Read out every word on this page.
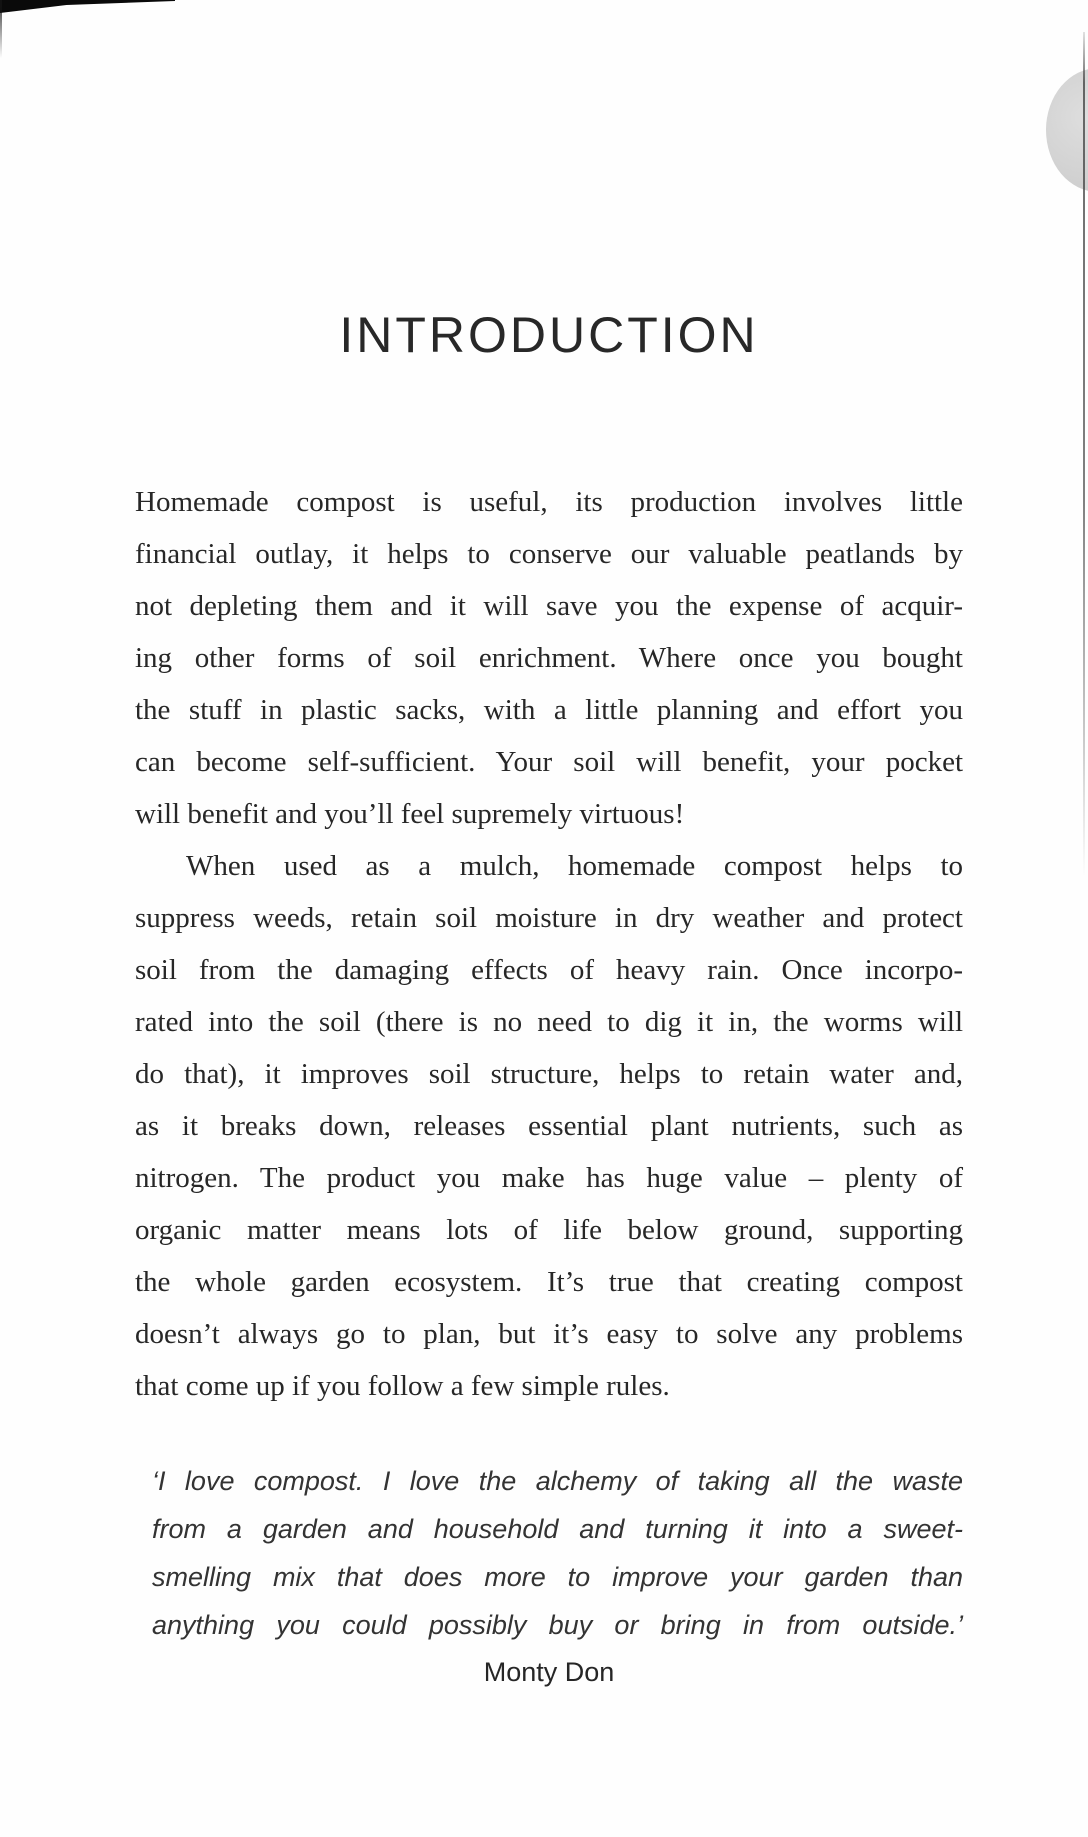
INTRODUCTION
Homemade compost is useful, its production involves little
financial outlay, it helps to conserve our valuable peatlands by
not depleting them and it will save you the expense of acquir-
ing other forms of soil enrichment. Where once you bought
the stuff in plastic sacks, with a little planning and effort you
can become self-sufficient. Your soil will benefit, your pocket
will benefit and you’ll feel supremely virtuous!
When used as a mulch, homemade compost helps to
suppress weeds, retain soil moisture in dry weather and protect
soil from the damaging effects of heavy rain. Once incorpo-
rated into the soil (there is no need to dig it in, the worms will
do that), it improves soil structure, helps to retain water and,
as it breaks down, releases essential plant nutrients, such as
nitrogen. The product you make has huge value – plenty of
organic matter means lots of life below ground, supporting
the whole garden ecosystem. It’s true that creating compost
doesn’t always go to plan, but it’s easy to solve any problems
that come up if you follow a few simple rules.
‘I love compost. I love the alchemy of taking all the waste
from a garden and household and turning it into a sweet-
smelling mix that does more to improve your garden than
anything you could possibly buy or bring in from outside.’
Monty Don
